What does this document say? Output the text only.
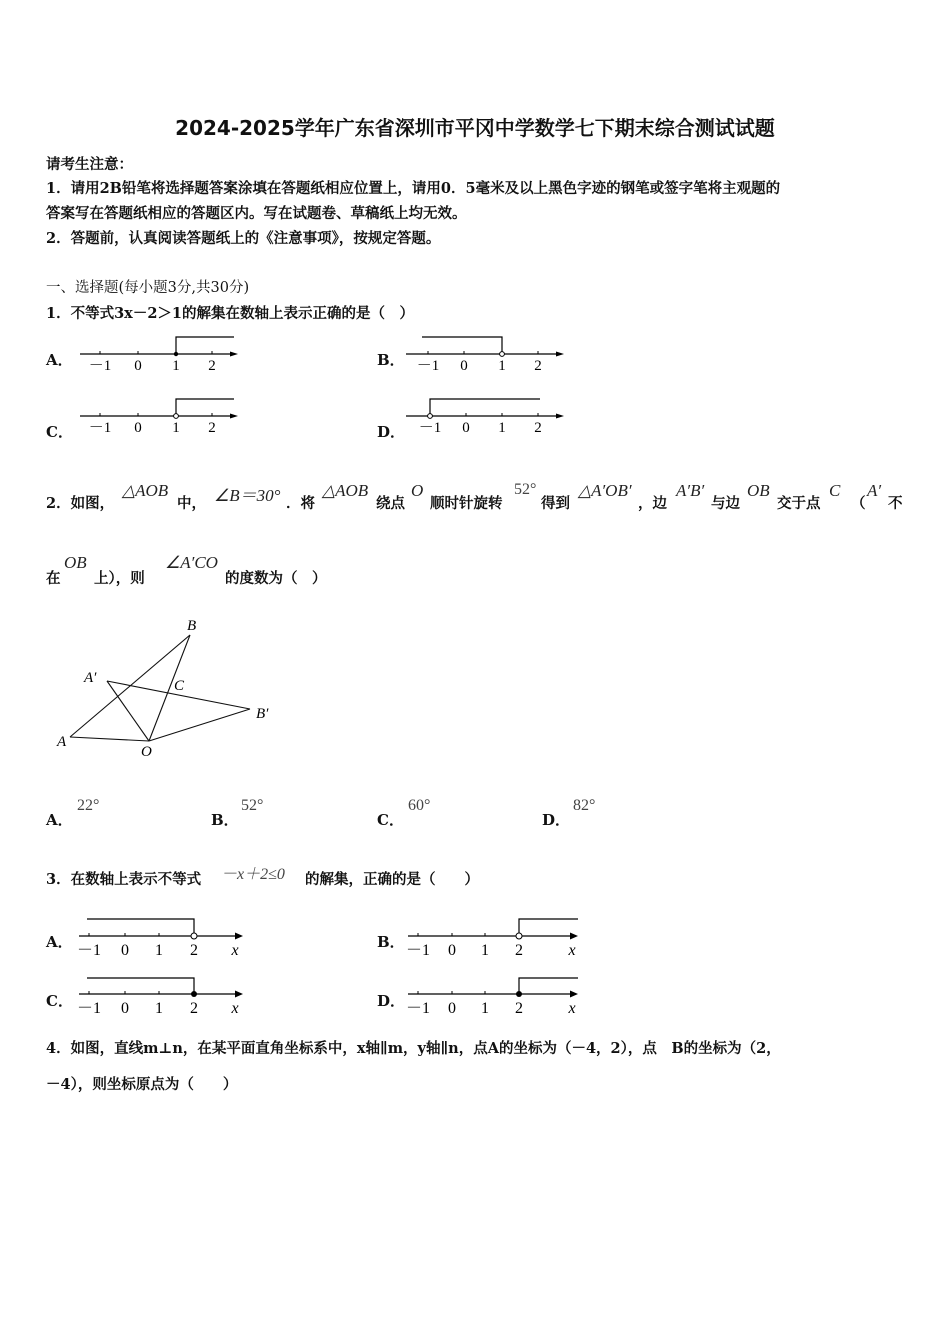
2024-2025学年广东省深圳市平冈中学数学七下期末综合测试试题
请考生注意：
1．请用2B铅笔将选择题答案涂填在答题纸相应位置上，请用0．5毫米及以上黑色字迹的钢笔或签字笔将主观题的
答案写在答题纸相应的答题区内。写在试题卷、草稿纸上均无效。
2．答题前，认真阅读答题纸上的《注意事项》，按规定答题。
一、选择题(每小题3分,共30分)
1．不等式3x－2＞1的解集在数轴上表示正确的是（　）
A．	B．
C．	D．
－1 0 1 2	－1 0 1 2
－1 0 1 2	－1 0 1 2
2．如图，
△AOB
中， ∠B＝30° ．将
△AOB
绕点
O
顺时针旋转
52°
得到
△A′OB′
，边
A′B′
与边
OB
交于点
C
（
A′
不
在
OB
上），则
∠A′CO
的度数为（　）
A
A′
B
C
B′
O
A．
22°
B．
52°
C．
60°
D．
82°
3．在数轴上表示不等式 －x＋2≤0 的解集，正确的是（　　）
A．	B．
C．	D．
－1 0 1 2 x	－1 0 1 2	x
－1 0 1 2 x	－1 0 1 2	x
4．如图，直线m⊥n，在某平面直角坐标系中，x轴∥m，y轴∥n，点A的坐标为（－4，2），点　B的坐标为（2，
－4），则坐标原点为（　　）
